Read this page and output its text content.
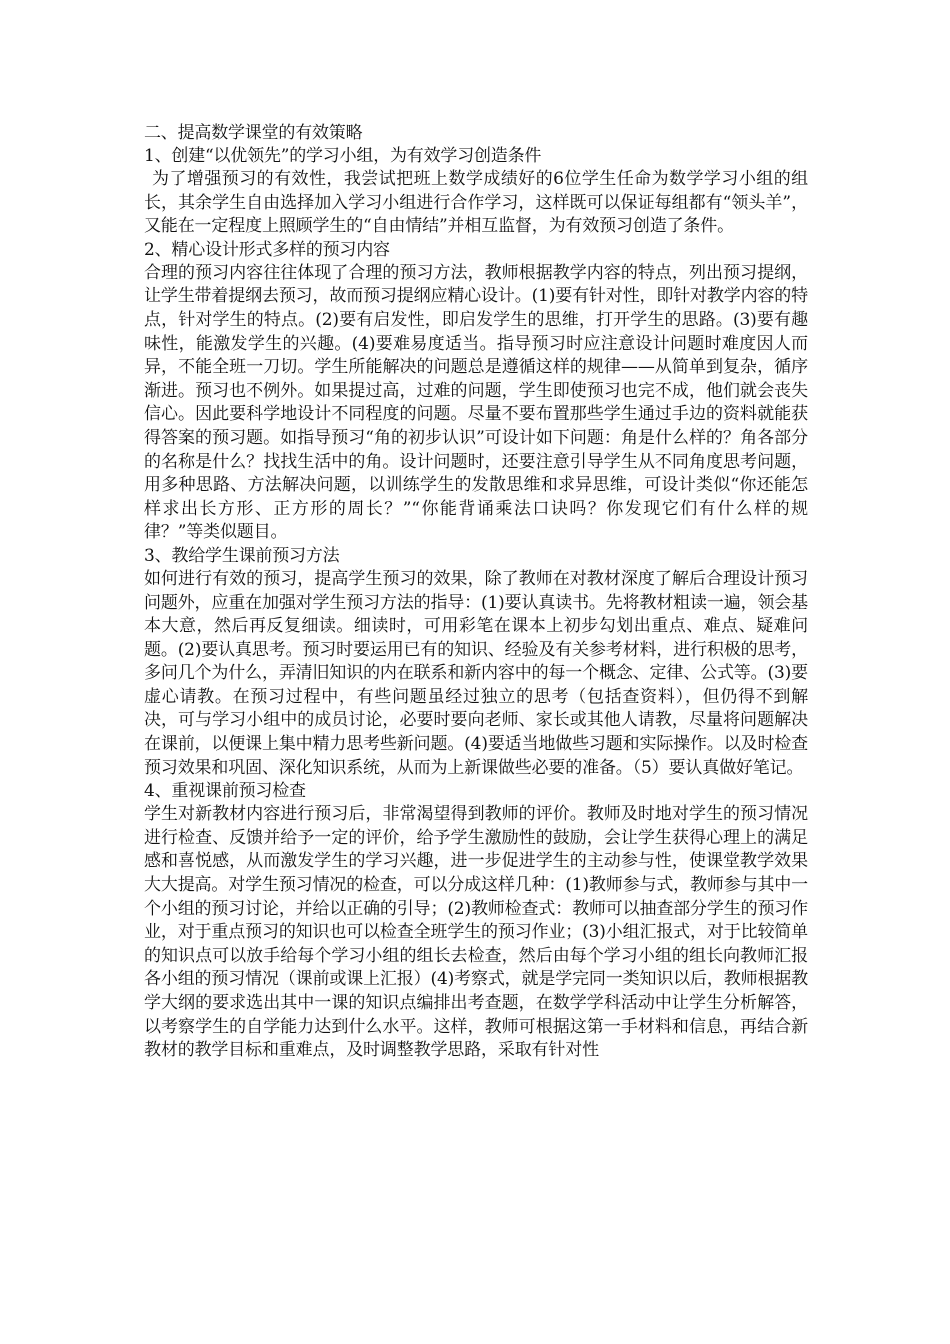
二、提高数学课堂的有效策略
1、创建“以优领先”的学习小组，为有效学习创造条件

为了增强预习的有效性，我尝试把班上数学成绩好的6位学生任命为数学学习小组的组长，其余学生自由选择加入学习小组进行合作学习，这样既可以保证每组都有“领头羊”，又能在一定程度上照顾学生的“自由情结”并相互监督，为有效预习创造了条件。

2、精心设计形式多样的预习内容

合理的预习内容往往体现了合理的预习方法，教师根据教学内容的特点，列出预习提纲，让学生带着提纲去预习，故而预习提纲应精心设计。(1)要有针对性，即针对教学内容的特点，针对学生的特点。(2)要有启发性，即启发学生的思维，打开学生的思路。(3)要有趣味性，能激发学生的兴趣。(4)要难易度适当。指导预习时应注意设计问题时难度因人而异，不能全班一刀切。学生所能解决的问题总是遵循这样的规律——从简单到复杂，循序渐进。预习也不例外。如果提过高，过难的问题，学生即使预习也完不成，他们就会丧失信心。因此要科学地设计不同程度的问题。尽量不要布置那些学生通过手边的资料就能获得答案的预习题。如指导预习“角的初步认识”可设计如下问题：角是什么样的？角各部分的名称是什么？找找生活中的角。设计问题时，还要注意引导学生从不同角度思考问题，用多种思路、方法解决问题，以训练学生的发散思维和求异思维，可设计类似“你还能怎样求出长方形、正方形的周长？”“你能背诵乘法口诀吗？你发现它们有什么样的规律？”等类似题目。

3、教给学生课前预习方法

如何进行有效的预习，提高学生预习的效果，除了教师在对教材深度了解后合理设计预习问题外，应重在加强对学生预习方法的指导：(1)要认真读书。先将教材粗读一遍，领会基本大意，然后再反复细读。细读时，可用彩笔在课本上初步勾划出重点、难点、疑难问题。(2)要认真思考。预习时要运用已有的知识、经验及有关参考材料，进行积极的思考，多问几个为什么，弄清旧知识的内在联系和新内容中的每一个概念、定律、公式等。(3)要虚心请教。在预习过程中，有些问题虽经过独立的思考（包括查资料），但仍得不到解决，可与学习小组中的成员讨论，必要时要向老师、家长或其他人请教，尽量将问题解决在课前，以便课上集中精力思考些新问题。(4)要适当地做些习题和实际操作。以及时检查预习效果和巩固、深化知识系统，从而为上新课做些必要的准备。（5）要认真做好笔记。

4、重视课前预习检查

学生对新教材内容进行预习后，非常渴望得到教师的评价。教师及时地对学生的预习情况进行检查、反馈并给予一定的评价，给予学生激励性的鼓励，会让学生获得心理上的满足感和喜悦感，从而激发学生的学习兴趣，进一步促进学生的主动参与性，使课堂教学效果大大提高。对学生预习情况的检查，可以分成这样几种：(1)教师参与式，教师参与其中一个小组的预习讨论，并给以正确的引导；(2)教师检查式：教师可以抽查部分学生的预习作业，对于重点预习的知识也可以检查全班学生的预习作业；(3)小组汇报式，对于比较简单的知识点可以放手给每个学习小组的组长去检查，然后由每个学习小组的组长向教师汇报各小组的预习情况（课前或课上汇报）(4)考察式，就是学完同一类知识以后，教师根据教学大纲的要求选出其中一课的知识点编排出考查题，在数学学科活动中让学生分析解答，以考察学生的自学能力达到什么水平。这样，教师可根据这第一手材料和信息，再结合新教材的教学目标和重难点，及时调整教学思路，采取有针对性
